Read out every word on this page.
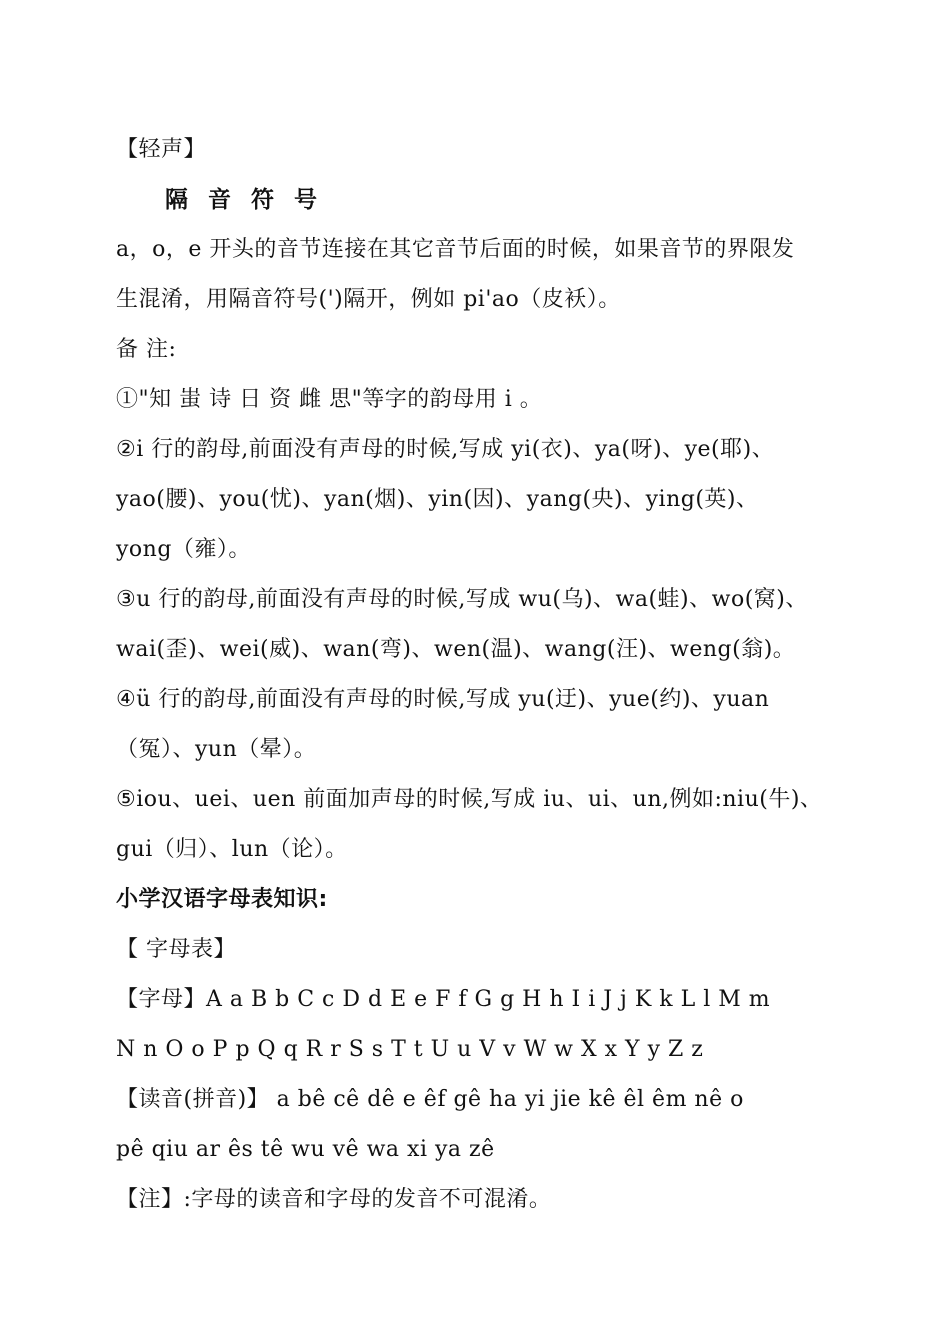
【轻声】
隔 音 符 号
a，o，e 开头的音节连接在其它音节后面的时候，如果音节的界限发
生混淆，用隔音符号(')隔开，例如 pi'ao（皮袄）。
备 注:
①"知 蚩 诗 日 资 雌 思"等字的韵母用 i 。
②i 行的韵母,前面没有声母的时候,写成 yi(衣)、ya(呀)、ye(耶)、
yao(腰)、you(忧)、yan(烟)、yin(因)、yang(央)、ying(英)、
yong（雍）。
③u 行的韵母,前面没有声母的时候,写成 wu(乌)、wa(蛙)、wo(窝)、
wai(歪)、wei(威)、wan(弯)、wen(温)、wang(汪)、weng(翁)。
④ü 行的韵母,前面没有声母的时候,写成 yu(迂)、yue(约)、yuan
（冤）、yun（晕）。
⑤iou、uei、uen 前面加声母的时候,写成 iu、ui、un,例如:niu(牛)、
gui（归）、lun（论）。
小学汉语字母表知识:
【 字母表】
【字母】A a B b C c D d E e F f G g H h I i J j K k L l M m
N n O o P p Q q R r S s T t U u V v W w X x Y y Z z
【读音(拼音)】 a bê cê dê e êf gê ha yi jie kê êl êm nê o
pê qiu ar ês tê wu vê wa xi ya zê
【注】:字母的读音和字母的发音不可混淆。
